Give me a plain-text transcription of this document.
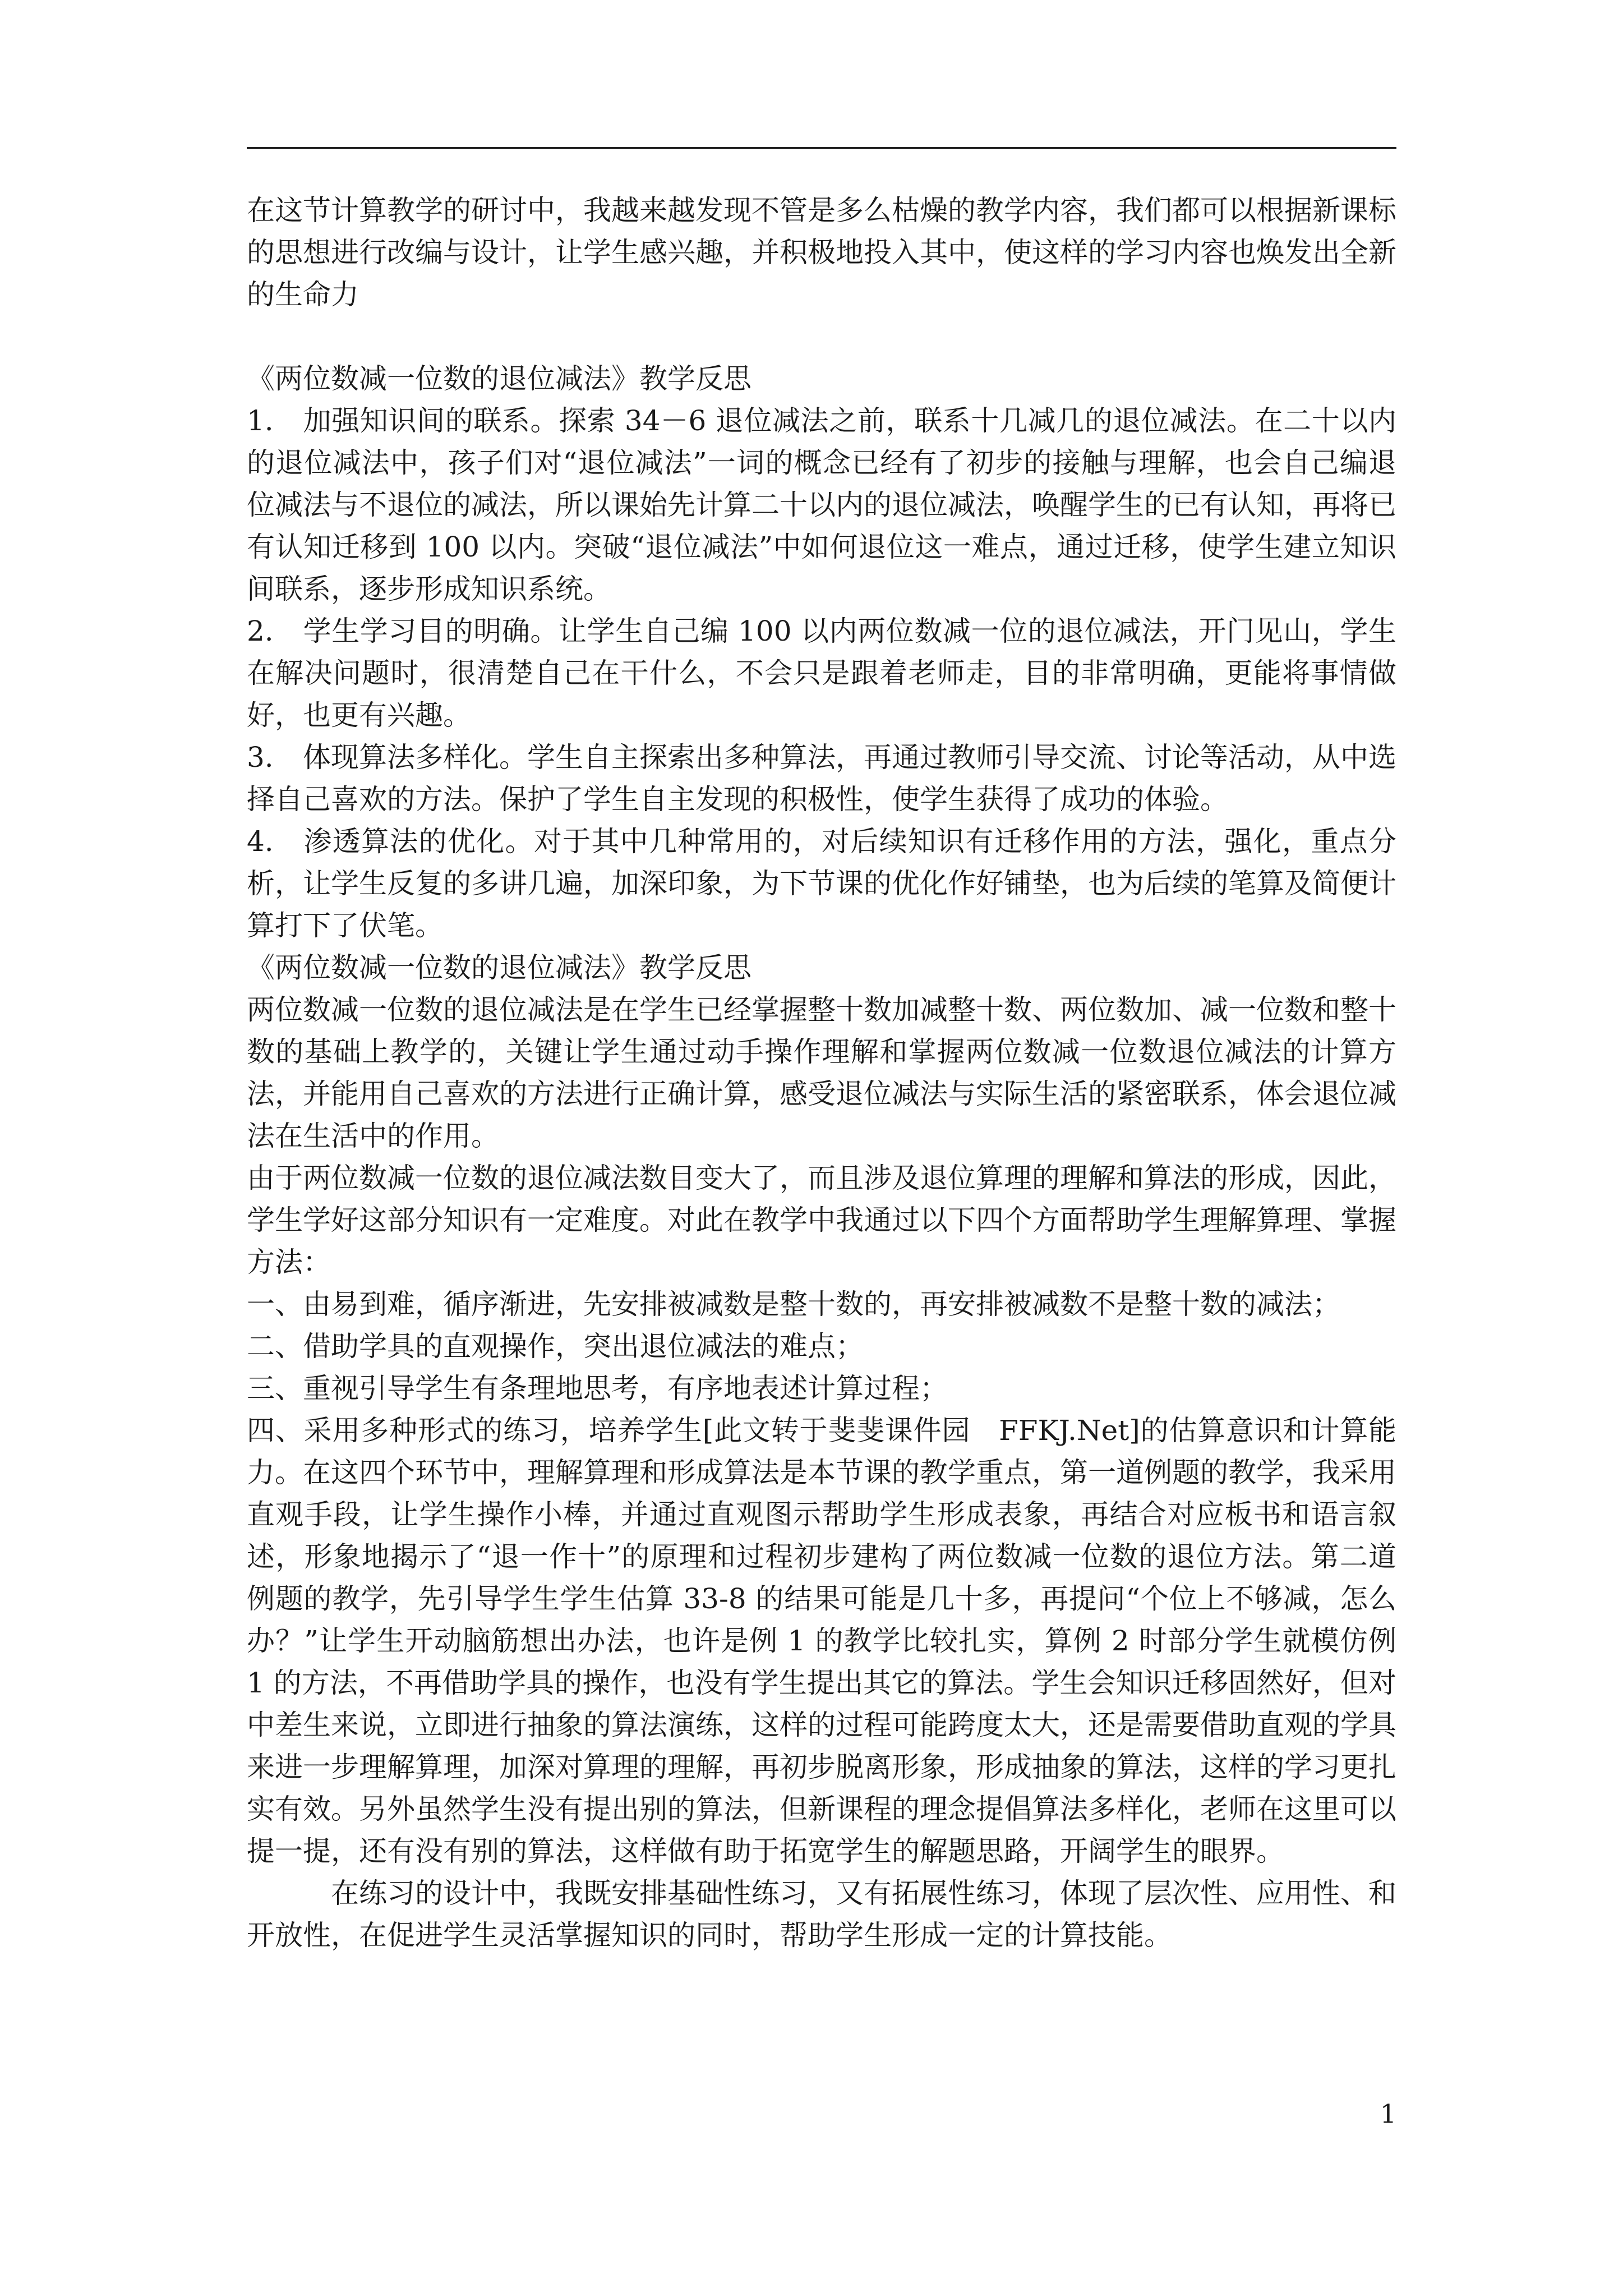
在这节计算教学的研讨中，我越来越发现不管是多么枯燥的教学内容，我们都可以根据新课标的思想进行改编与设计，让学生感兴趣，并积极地投入其中，使这样的学习内容也焕发出全新的生命力

《两位数减一位数的退位减法》教学反思

1. 加强知识间的联系。探索 34－6 退位减法之前，联系十几减几的退位减法。在二十以内的退位减法中，孩子们对“退位减法”一词的概念已经有了初步的接触与理解，也会自己编退位减法与不退位的减法，所以课始先计算二十以内的退位减法，唤醒学生的已有认知，再将已有认知迁移到 100 以内。突破“退位减法”中如何退位这一难点，通过迁移，使学生建立知识间联系，逐步形成知识系统。

2. 学生学习目的明确。让学生自己编 100 以内两位数减一位的退位减法，开门见山，学生在解决问题时，很清楚自己在干什么，不会只是跟着老师走，目的非常明确，更能将事情做好，也更有兴趣。

3. 体现算法多样化。学生自主探索出多种算法，再通过教师引导交流、讨论等活动，从中选择自己喜欢的方法。保护了学生自主发现的积极性，使学生获得了成功的体验。

4. 渗透算法的优化。对于其中几种常用的，对后续知识有迁移作用的方法，强化，重点分析，让学生反复的多讲几遍，加深印象，为下节课的优化作好铺垫，也为后续的笔算及简便计算打下了伏笔。

《两位数减一位数的退位减法》教学反思

两位数减一位数的退位减法是在学生已经掌握整十数加减整十数、两位数加、减一位数和整十数的基础上教学的，关键让学生通过动手操作理解和掌握两位数减一位数退位减法的计算方法，并能用自己喜欢的方法进行正确计算，感受退位减法与实际生活的紧密联系，体会退位减法在生活中的作用。

由于两位数减一位数的退位减法数目变大了，而且涉及退位算理的理解和算法的形成，因此，学生学好这部分知识有一定难度。对此在教学中我通过以下四个方面帮助学生理解算理、掌握方法：

一、由易到难，循序渐进，先安排被减数是整十数的，再安排被减数不是整十数的减法；

二、借助学具的直观操作，突出退位减法的难点；

三、重视引导学生有条理地思考，有序地表述计算过程；

四、采用多种形式的练习，培养学生[此文转于斐斐课件园　FFKJ.Net]的估算意识和计算能力。在这四个环节中，理解算理和形成算法是本节课的教学重点，第一道例题的教学，我采用直观手段，让学生操作小棒，并通过直观图示帮助学生形成表象，再结合对应板书和语言叙述，形象地揭示了“退一作十”的原理和过程初步建构了两位数减一位数的退位方法。第二道例题的教学，先引导学生学生估算 33-8 的结果可能是几十多，再提问“个位上不够减，怎么办？”让学生开动脑筋想出办法，也许是例 1 的教学比较扎实，算例 2 时部分学生就模仿例 1 的方法，不再借助学具的操作，也没有学生提出其它的算法。学生会知识迁移固然好，但对中差生来说，立即进行抽象的算法演练，这样的过程可能跨度太大，还是需要借助直观的学具来进一步理解算理，加深对算理的理解，再初步脱离形象，形成抽象的算法，这样的学习更扎实有效。另外虽然学生没有提出别的算法，但新课程的理念提倡算法多样化，老师在这里可以提一提，还有没有别的算法，这样做有助于拓宽学生的解题思路，开阔学生的眼界。

在练习的设计中，我既安排基础性练习，又有拓展性练习，体现了层次性、应用性、和开放性，在促进学生灵活掌握知识的同时，帮助学生形成一定的计算技能。

1
